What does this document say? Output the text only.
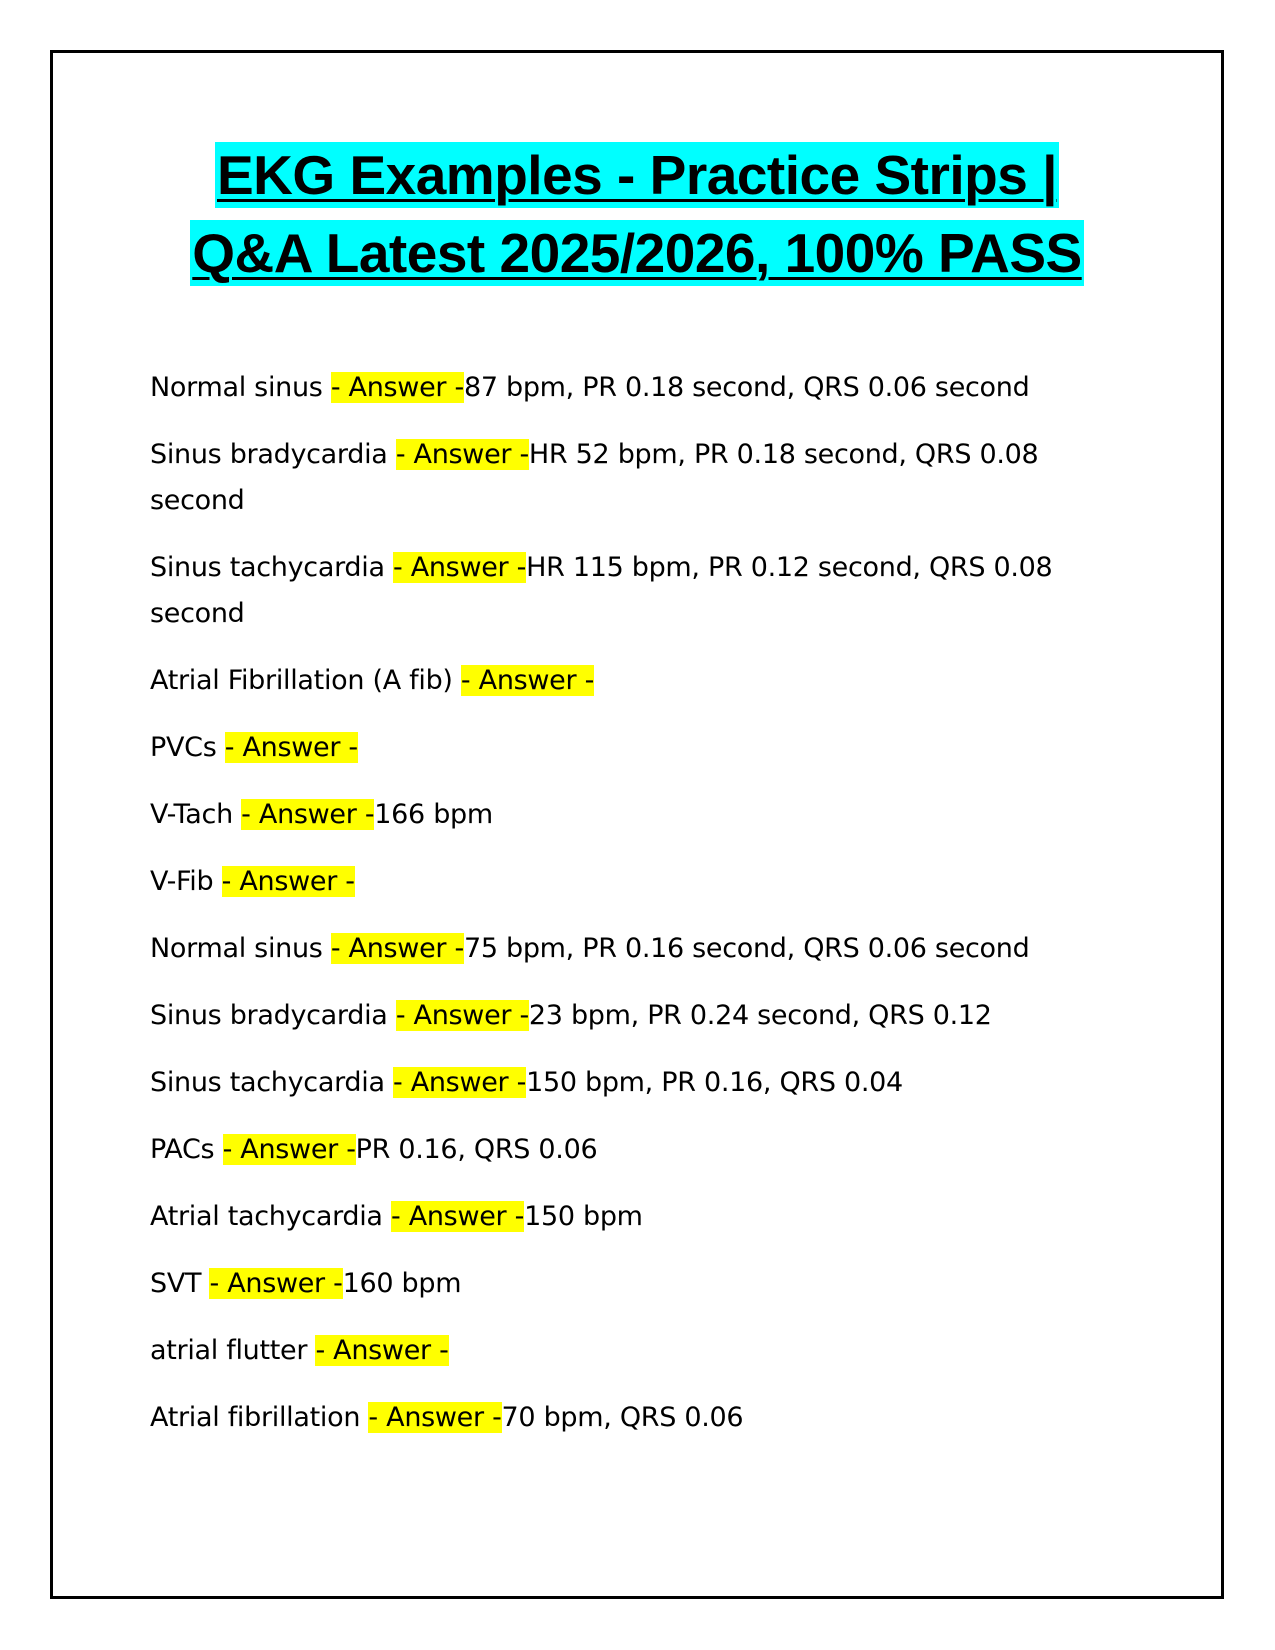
EKG Examples - Practice Strips |
Q&A Latest 2025/2026, 100% PASS
Normal sinus - Answer -87 bpm, PR 0.18 second, QRS 0.06 second
Sinus bradycardia - Answer -HR 52 bpm, PR 0.18 second, QRS 0.08 second
Sinus tachycardia - Answer -HR 115 bpm, PR 0.12 second, QRS 0.08 second
Atrial Fibrillation (A fib) - Answer -
PVCs - Answer -
V-Tach - Answer -166 bpm
V-Fib - Answer -
Normal sinus - Answer -75 bpm, PR 0.16 second, QRS 0.06 second
Sinus bradycardia - Answer -23 bpm, PR 0.24 second, QRS 0.12
Sinus tachycardia - Answer -150 bpm, PR 0.16, QRS 0.04
PACs - Answer -PR 0.16, QRS 0.06
Atrial tachycardia - Answer -150 bpm
SVT - Answer -160 bpm
atrial flutter - Answer -
Atrial fibrillation - Answer -70 bpm, QRS 0.06
